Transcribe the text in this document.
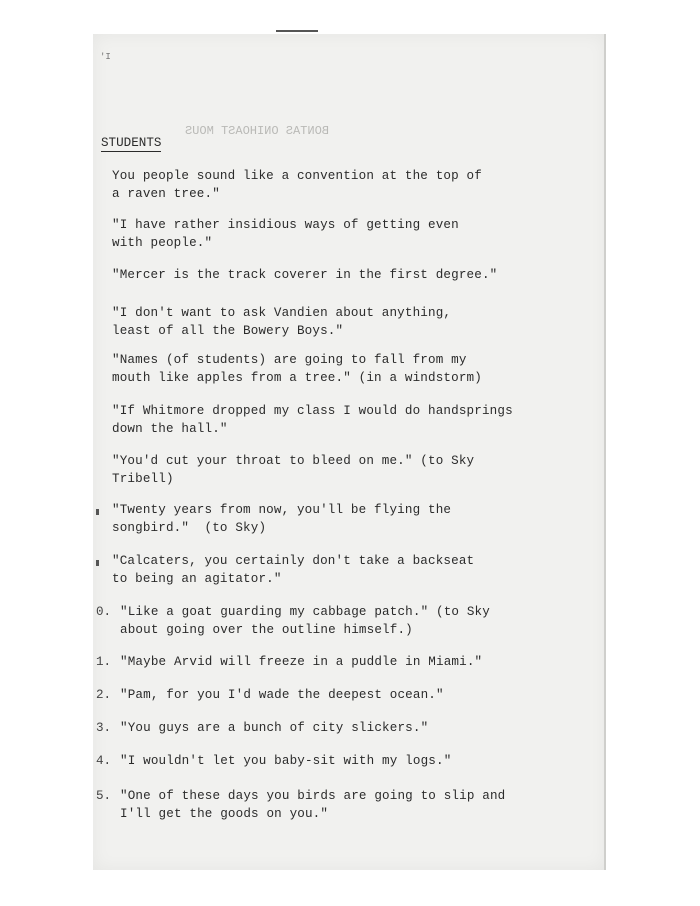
'I
BONTAS ONIHOAST MOUS
STUDENTS
You people sound like a convention at the top of
a raven tree."
"I have rather insidious ways of getting even
with people."
"Mercer is the track coverer in the first degree."
"I don't want to ask Vandien about anything,
least of all the Bowery Boys."
"Names (of students) are going to fall from my
mouth like apples from a tree." (in a windstorm)
"If Whitmore dropped my class I would do handsprings
down the hall."
"You'd cut your throat to bleed on me." (to Sky
Tribell)
"Twenty years from now, you'll be flying the
songbird."  (to Sky)
"Calcaters, you certainly don't take a backseat
to being an agitator."
0. "Like a goat guarding my cabbage patch." (to Sky
about going over the outline himself.)
1. "Maybe Arvid will freeze in a puddle in Miami."
2. "Pam, for you I'd wade the deepest ocean."
3. "You guys are a bunch of city slickers."
4. "I wouldn't let you baby-sit with my logs."
5. "One of these days you birds are going to slip and
I'll get the goods on you."
